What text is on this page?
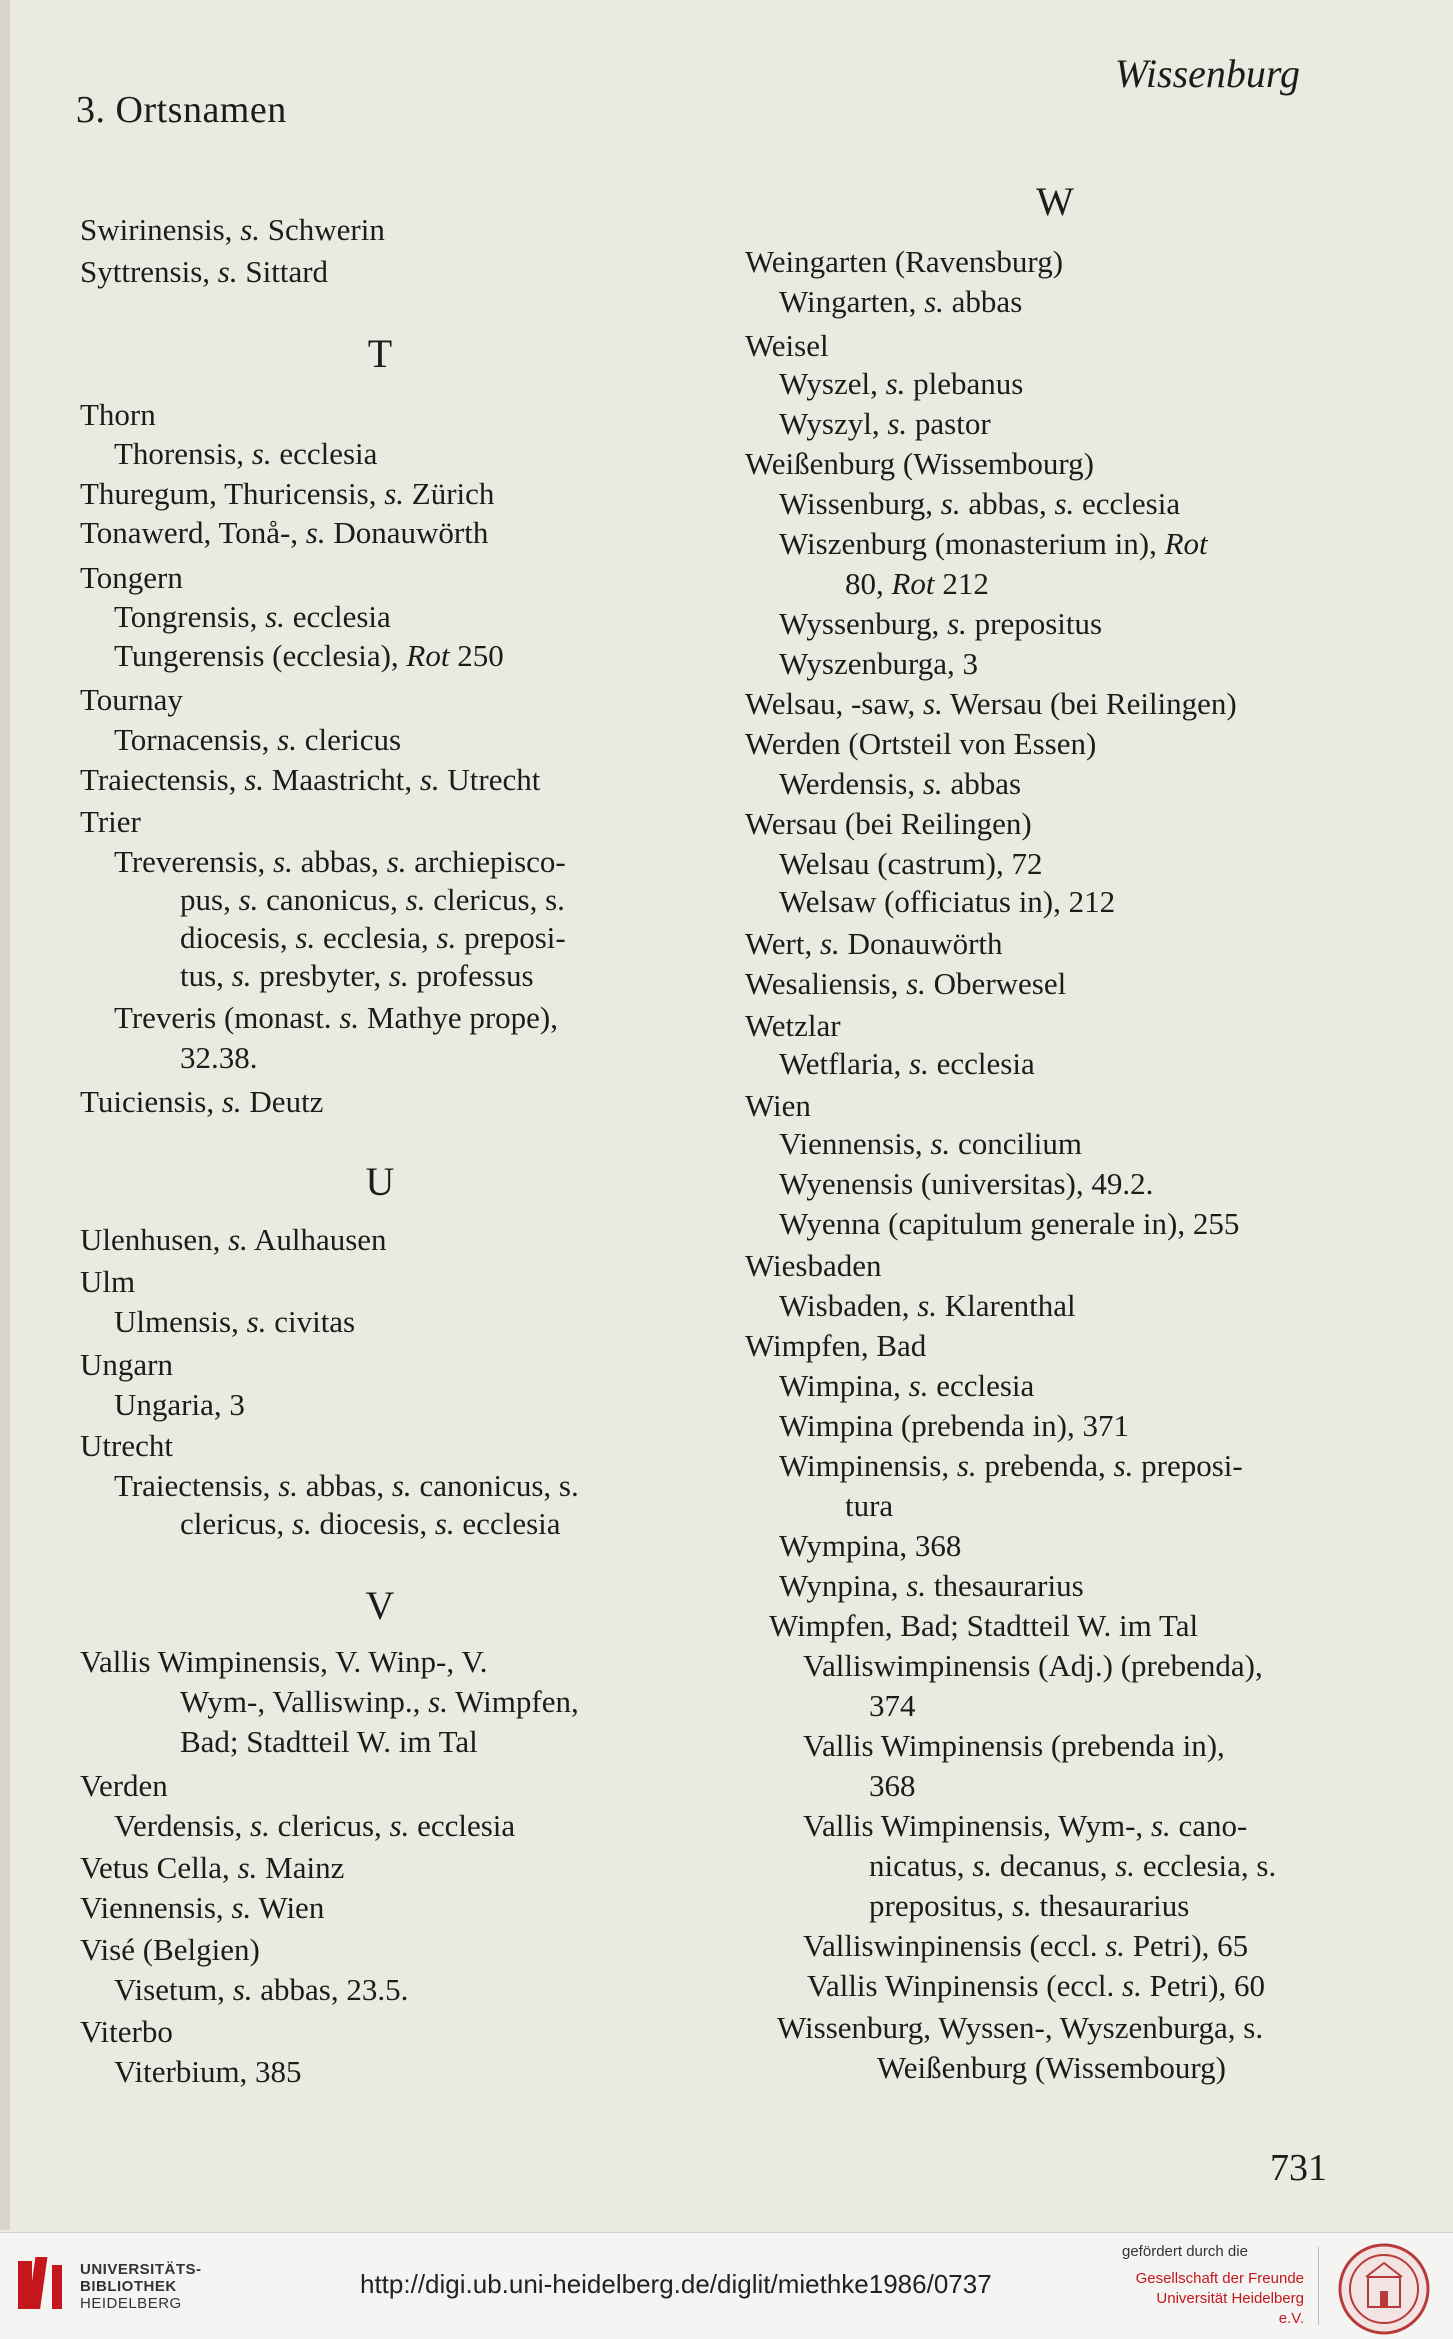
3. Ortsnamen
Wissenburg
Swirinensis, s. Schwerin
Syttrensis, s. Sittard
T
Thorn
Thorensis, s. ecclesia
Thuregum, Thuricensis, s. Zürich
Tonawerd, Tonå-, s. Donauwörth
Tongern
Tongrensis, s. ecclesia
Tungerensis (ecclesia), Rot 250
Tournay
Tornacensis, s. clericus
Traiectensis, s. Maastricht, s. Utrecht
Trier
Treverensis, s. abbas, s. archiepisco-
pus, s. canonicus, s. clericus, s.
diocesis, s. ecclesia, s. preposi-
tus, s. presbyter, s. professus
Treveris (monast. s. Mathye prope),
32.38.
Tuiciensis, s. Deutz
U
Ulenhusen, s. Aulhausen
Ulm
Ulmensis, s. civitas
Ungarn
Ungaria, 3
Utrecht
Traiectensis, s. abbas, s. canonicus, s.
clericus, s. diocesis, s. ecclesia
V
Vallis Wimpinensis, V. Winp-, V.
Wym-, Valliswinp., s. Wimpfen,
Bad; Stadtteil W. im Tal
Verden
Verdensis, s. clericus, s. ecclesia
Vetus Cella, s. Mainz
Viennensis, s. Wien
Visé (Belgien)
Visetum, s. abbas, 23.5.
Viterbo
Viterbium, 385
W
Weingarten (Ravensburg)
Wingarten, s. abbas
Weisel
Wyszel, s. plebanus
Wyszyl, s. pastor
Weißenburg (Wissembourg)
Wissenburg, s. abbas, s. ecclesia
Wiszenburg (monasterium in), Rot
80, Rot 212
Wyssenburg, s. prepositus
Wyszenburga, 3
Welsau, -saw, s. Wersau (bei Reilingen)
Werden (Ortsteil von Essen)
Werdensis, s. abbas
Wersau (bei Reilingen)
Welsau (castrum), 72
Welsaw (officiatus in), 212
Wert, s. Donauwörth
Wesaliensis, s. Oberwesel
Wetzlar
Wetflaria, s. ecclesia
Wien
Viennensis, s. concilium
Wyenensis (universitas), 49.2.
Wyenna (capitulum generale in), 255
Wiesbaden
Wisbaden, s. Klarenthal
Wimpfen, Bad
Wimpina, s. ecclesia
Wimpina (prebenda in), 371
Wimpinensis, s. prebenda, s. preposi-
tura
Wympina, 368
Wynpina, s. thesaurarius
Wimpfen, Bad; Stadtteil W. im Tal
Valliswimpinensis (Adj.) (prebenda),
374
Vallis Wimpinensis (prebenda in),
368
Vallis Wimpinensis, Wym-, s. cano-
nicatus, s. decanus, s. ecclesia, s.
prepositus, s. thesaurarius
Valliswinpinensis (eccl. s. Petri), 65
Vallis Winpinensis (eccl. s. Petri), 60
Wissenburg, Wyssen-, Wyszenburga, s.
Weißenburg (Wissembourg)
731
UNIVERSITÄTS-
BIBLIOTHEK
HEIDELBERG
http://digi.ub.uni-heidelberg.de/diglit/miethke1986/0737
gefördert durch die
Gesellschaft der Freunde
Universität Heidelberg e.V.
